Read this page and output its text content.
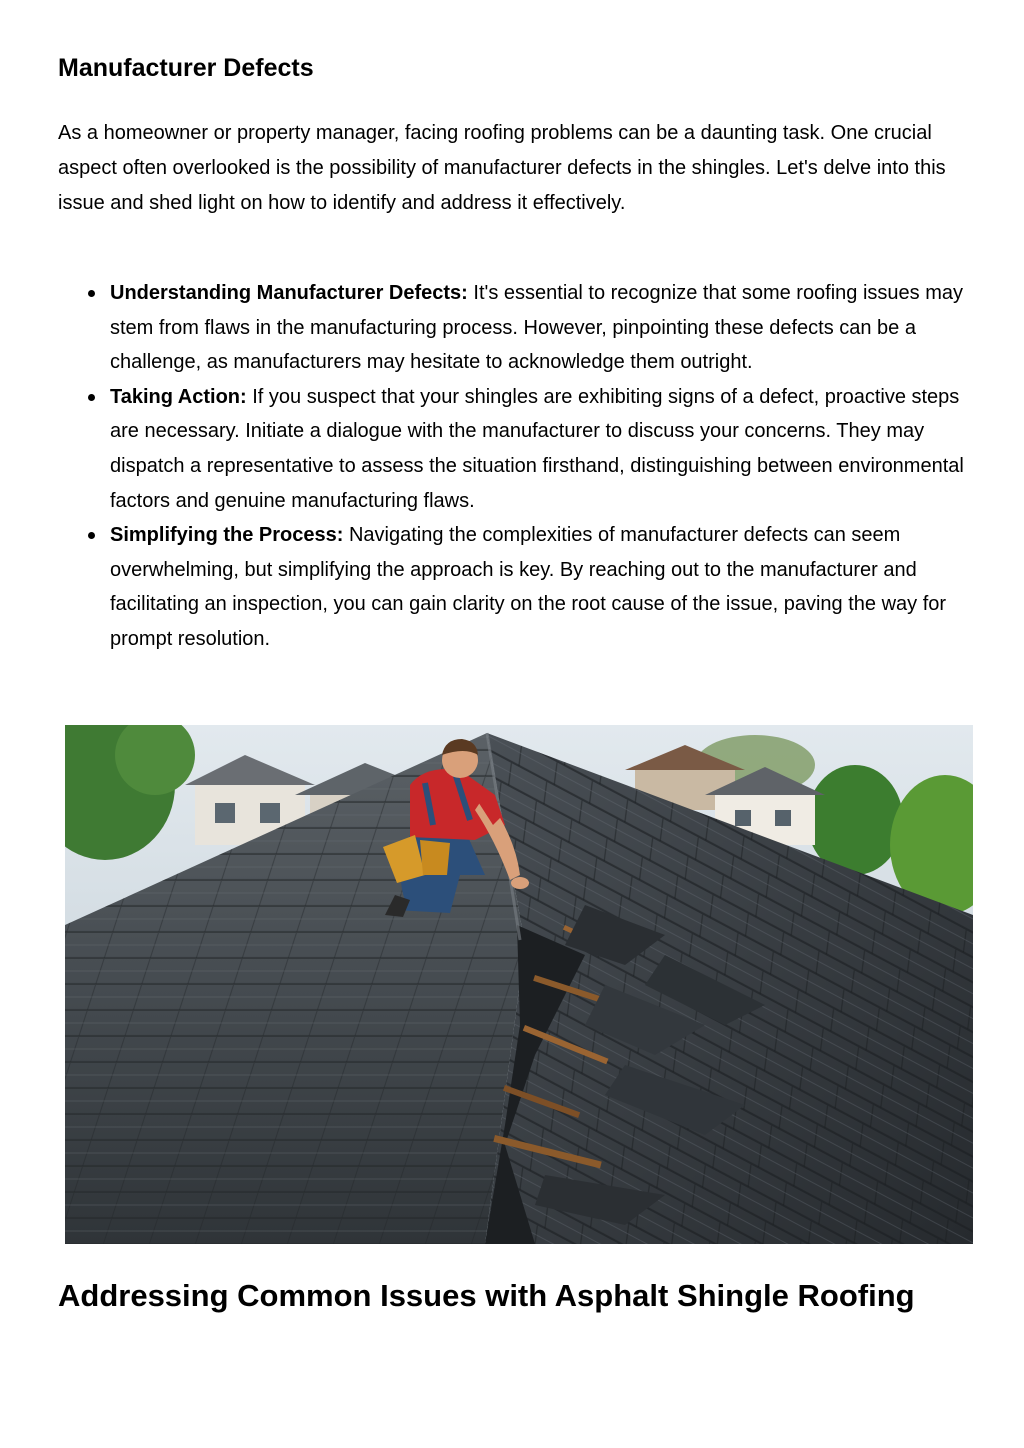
Manufacturer Defects

As a homeowner or property manager, facing roofing problems can be a daunting task. One crucial aspect often overlooked is the possibility of manufacturer defects in the shingles. Let's delve into this issue and shed light on how to identify and address it effectively.

Understanding Manufacturer Defects: It's essential to recognize that some roofing issues may stem from flaws in the manufacturing process. However, pinpointing these defects can be a challenge, as manufacturers may hesitate to acknowledge them outright.
Taking Action: If you suspect that your shingles are exhibiting signs of a defect, proactive steps are necessary. Initiate a dialogue with the manufacturer to discuss your concerns. They may dispatch a representative to assess the situation firsthand, distinguishing between environmental factors and genuine manufacturing flaws.
Simplifying the Process: Navigating the complexities of manufacturer defects can seem overwhelming, but simplifying the approach is key. By reaching out to the manufacturer and facilitating an inspection, you can gain clarity on the root cause of the issue, paving the way for prompt resolution.
Addressing Common Issues with Asphalt Shingle Roofing
